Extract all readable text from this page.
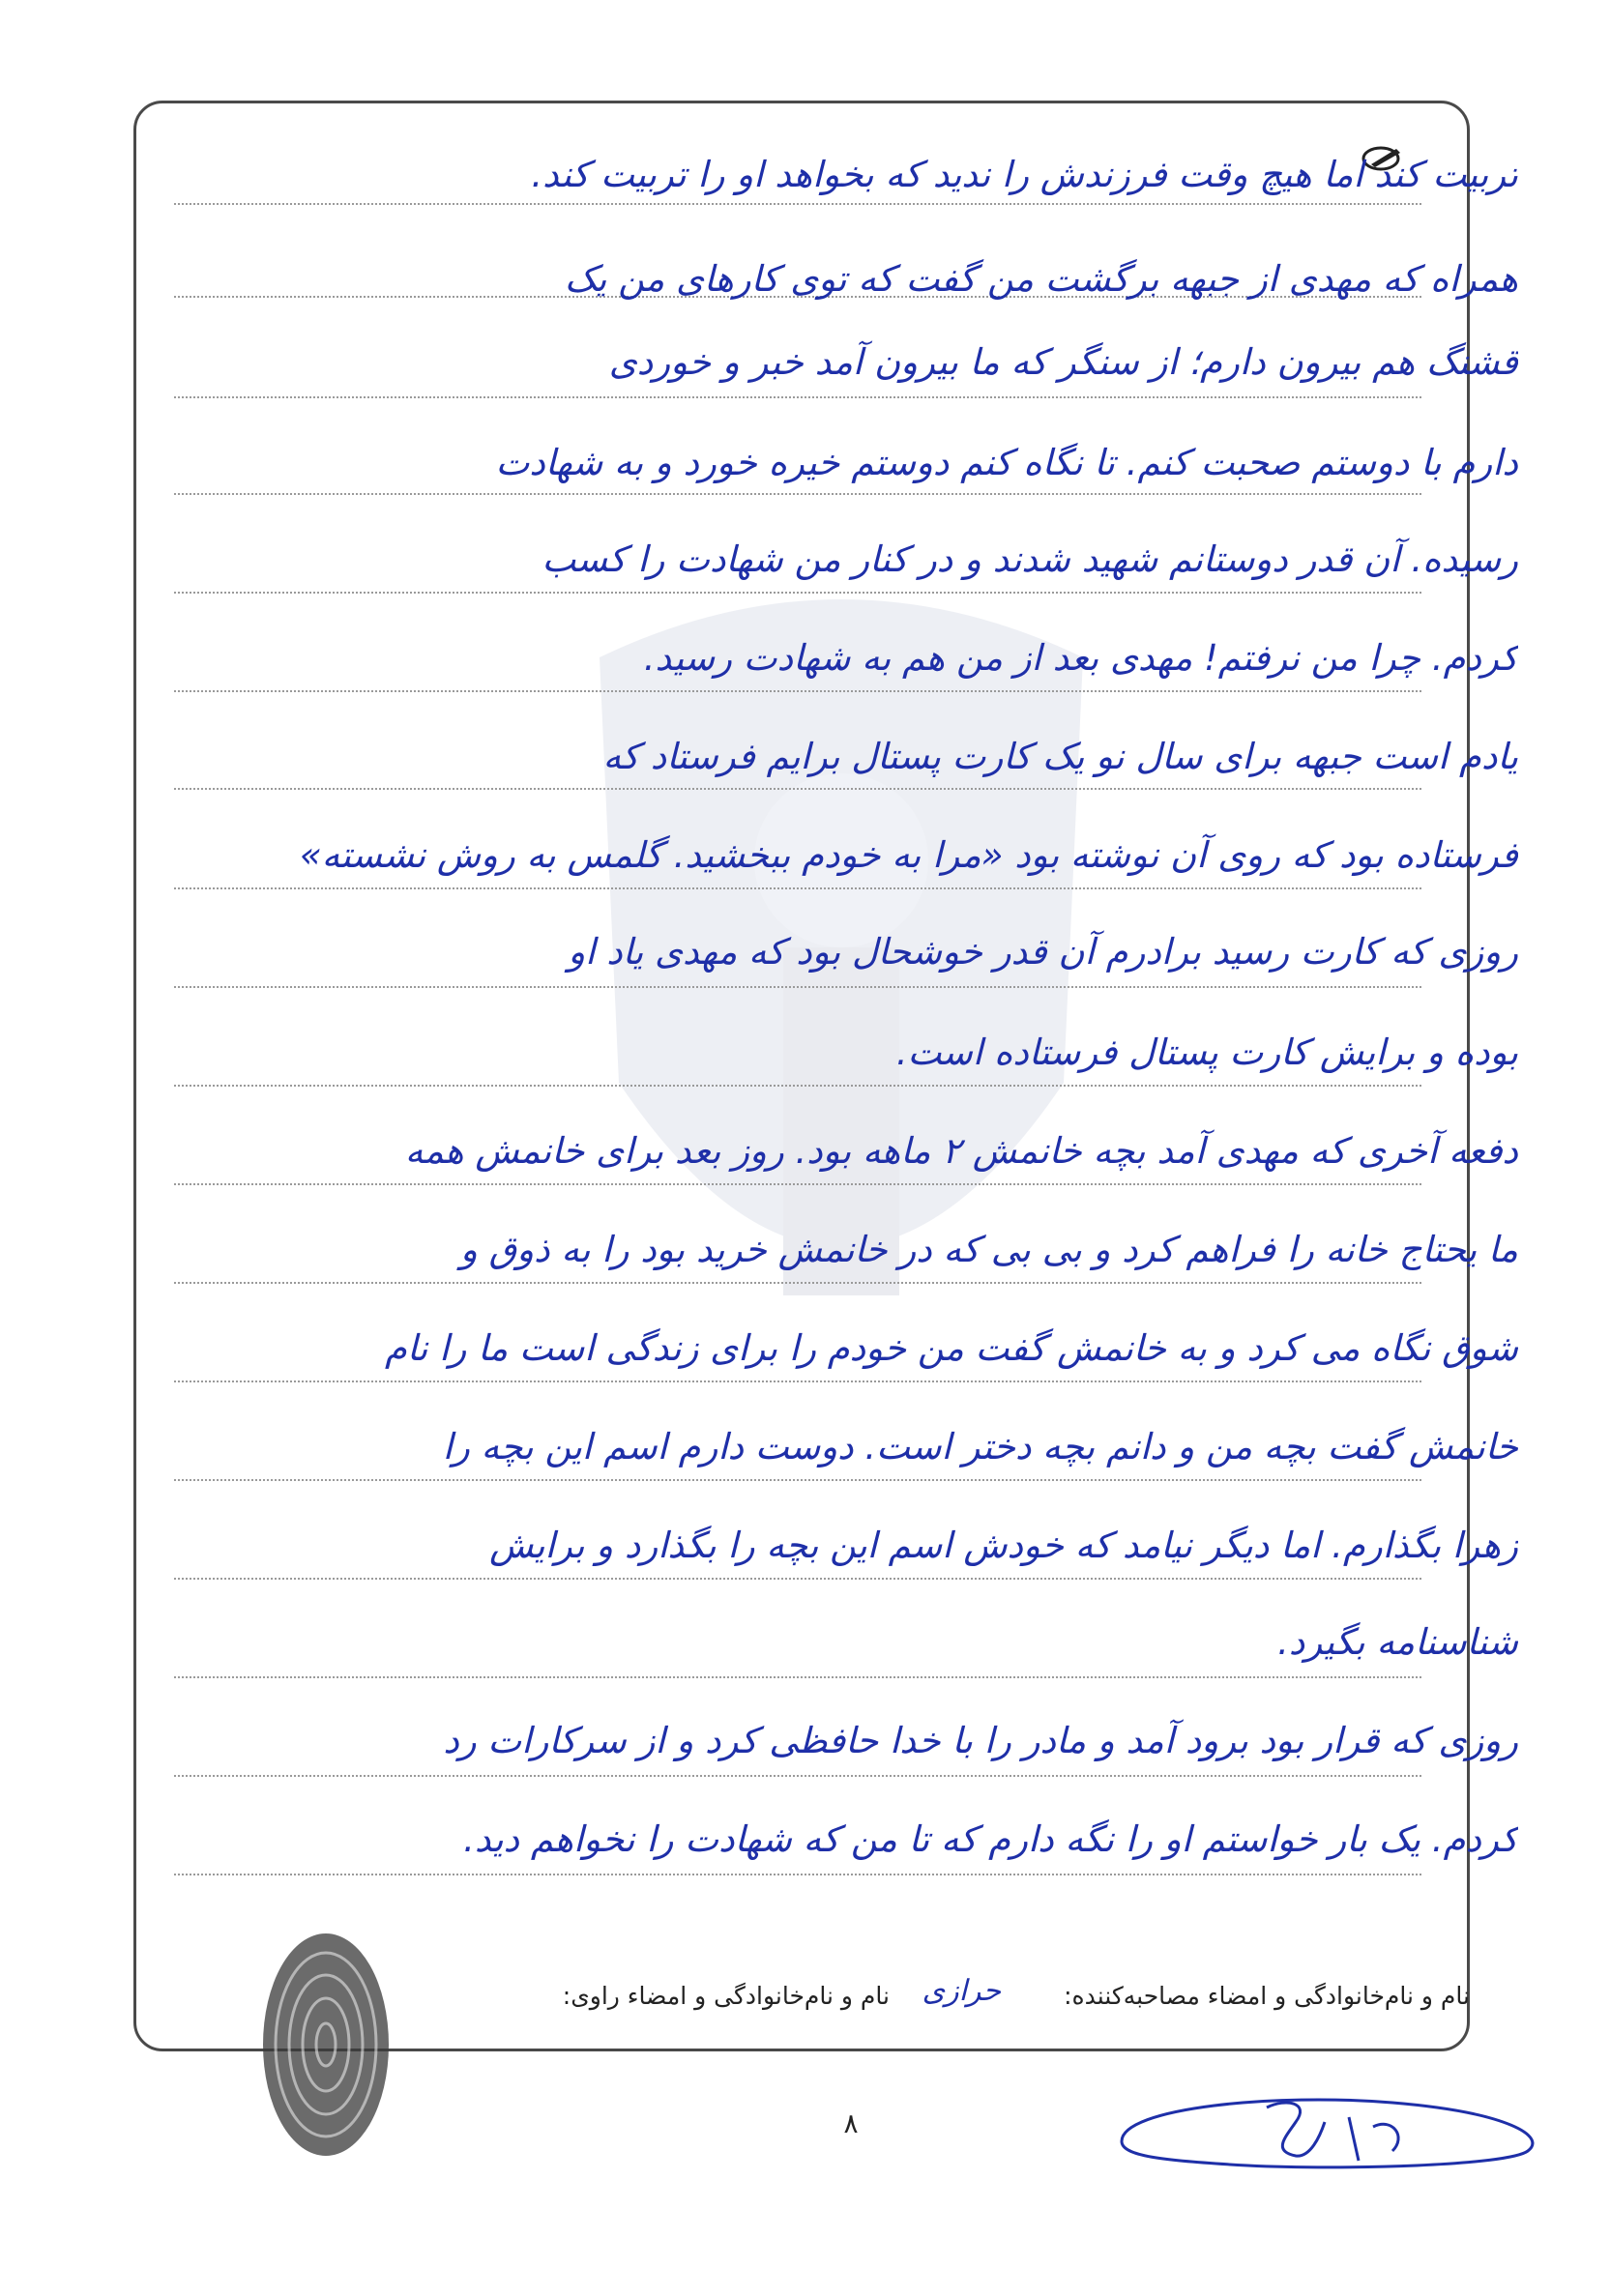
تربیت کند اما هیچ وقت فرزندش را ندید که بخواهد او را تربیت کند.
همراه که مهدی از جبهه برگشت من گفت که توی کارهای من یک
قشنگ هم بیرون دارم؛ از سنگر که ما بیرون آمد خبر و خوردی
دارم با دوستم صحبت کنم. تا نگاه کنم دوستم خیره خورد و به شهادت
رسیده. آن قدر دوستانم شهید شدند و در کنار من شهادت را کسب
کردم. چرا من نرفتم! مهدی بعد از من هم به شهادت رسید.
یادم است جبهه برای سال نو یک کارت پستال برایم فرستاد که
فرستاده بود که روی آن نوشته بود «مرا به خودم ببخشید. گلمس به روش نشسته»
روزی که کارت رسید برادرم آن قدر خوشحال بود که مهدی یاد او
بوده و برایش کارت پستال فرستاده است.
دفعه آخری که مهدی آمد بچه خانمش ۲ ماهه بود. روز بعد برای خانمش همه
ما یحتاج خانه را فراهم کرد و بی بی که در خانمش خرید بود را به ذوق و
شوق نگاه می کرد و به خانمش گفت من خودم را برای زندگی است ما را نام
خانمش گفت بچه من و دانم بچه دختر است. دوست دارم اسم این بچه را
زهرا بگذارم. اما دیگر نیامد که خودش اسم این بچه را بگذارد و برایش
شناسنامه بگیرد.
روزی که قرار بود برود آمد و مادر را با خدا حافظی کرد و از سرکارات رد
کردم. یک بار خواستم او را نگه دارم که تا من که شهادت را نخواهم دید.
نام و نام‌خانوادگی و امضاء مصاحبه‌کننده:
حرازی
نام و نام‌خانوادگی و امضاء راوی:
۸
